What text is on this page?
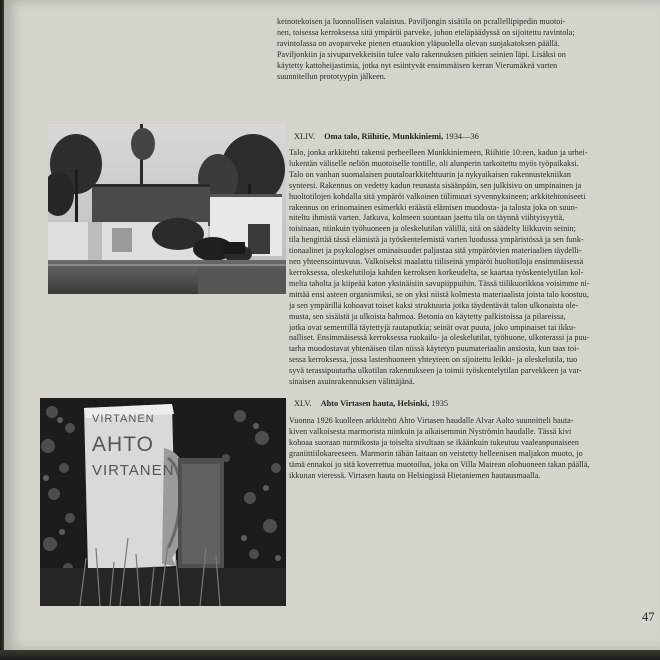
keinotekoisen ja luonnollisen valaistus. Paviljongin sisätila on pcrallellipipedin muotoi-
nen, toisessa kerroksessa sitä ympäröi parveke, johon eteläpäädyssä on sijoitettu ravintola;
ravintolassa on avoparveke pienen etuaukion yläpuolella olevan suojakatoksen päällä.
Paviljonkiin ja sivuparvekkeisiin tulee valo rakennuksen pitkien seinien läpi. Lisäksi on
käytetty kattoheijastimia, jotka nyt esiintyvät ensimmäisen kerran Vierumäkeä varten
suunnitellun prototyypin jälkeen.
XLIV. Oma talo, Riihitie, Munkkiniemi, 1934—36
Talo, jonka arkkitehti rakensi perheelleen Munkkiniemeen, Riihitie 10:een, kadun ja urhei-
lukentän väliselle neliön muotoiselle tontille, oli alunperin tarkoitettu myös työpaikaksi.
Talo on vanhan suomalaisen puutaloarkkitehtuurin ja nykyaikaisen rakennustekniikan
synteesi. Rakennus on vedetty kadun reunasta sisäänpäin, sen julkisivu on umpinainen ja
huoltotilojen kohdalla sitä ympäröi valkoinen tiilimuuri syvennyksineen; arkkitehtoniseeti
rakennus on erinomainen esimerkki eräästä elämisen muodosta- ja talosta joka on suun-
niteltu ihmistä varten. Jatkuva, kolmeen suuntaan jaettu tila on täynnä viihtyisyyttä,
toisinaan, niinkuin työhuoneen ja oleskelutilan välillä, sitä on säädelty liikkuvin seinin;
tila hengittää tässä elämistä ja työskentelemistä varten luodussa ympäristössä ja sen funk-
tionaalinet ja psykologiset ominaisuudet paljastaa sitä ympäröivien materiaalien täydelli-
nen yhteensointuvuus. Valkoiseksi maalattu tiiliseinä ympäröi huoltotiloja ensimmäisessä
kerroksessa, oleskelutiloja kahden kerroksen korkeudelta, se kaartaa työskentelytilan kol-
melta taholta ja kiipeää katon yksinäisiin savupiippuihin. Tässä tiilikuorikkoa voisimme ni-
mittää ensi asteen organismiksi, se on yksi niistä kolmesta materiaalista joista talo koostuu,
ja sen ympärillä kohoavat toiset kaksi struktuuria jotka täydentävät talon ulkonaista ole-
musta, sen sisäistä ja ulkoista hahmoa. Betonia on käytetty palkistoissa ja pilareissa,
jotka ovat sementillä täytettyjä rautaputkia; seinät ovat puuta, joko umpinaiset tai ikku-
nalliset. Ensimmäisessä kerroksessa ruokailu- ja oleskelutilat, työhuone, ulkoterassi ja puu-
tarha muodostavat yhtenäisen tilan niissä käytetyn puumateriaalin ansiosta, kun taas toi-
sessa kerroksessa, jossa lastenhuoneen yhteyteen on sijoitettu leikki- ja oleskelutila, tuo
syvä terassipuutarha ulkotilan rakennukseen ja toimii työskentelytilan parvekkeen ja var-
sinaisen asuinrakennuksen välittäjänä.
VIRTANEN
AHTO
VIRTANEN
XLV. Ahto Virtasen hauta, Helsinki, 1935
Vuonna 1926 kuolleen arkkitehti Ahto Virtasen haudalle Alvar Aalto suunnitteli hauta-
kiven valkoisesta marmorista niinkuin ja aikaisemmin Nyströmin haudalle. Tässä kivi
kohoaa suoraan nurmikosta ja toiselta sivultaan se ikäänkuin tukeutuu vaaleanpunaiseen
graniittiilokareeseen. Marmorin tähän laitaan on veistetty helleenisen maljakon muoto, jo
tämä ennakoi jo sitä koverrettua muotoilua, joka on Villa Mairean olohuoneen takan päällä,
ikkunan vieressä. Virtasen hauta on Helsingissä Hietaniemen hautausmaalla.
47
